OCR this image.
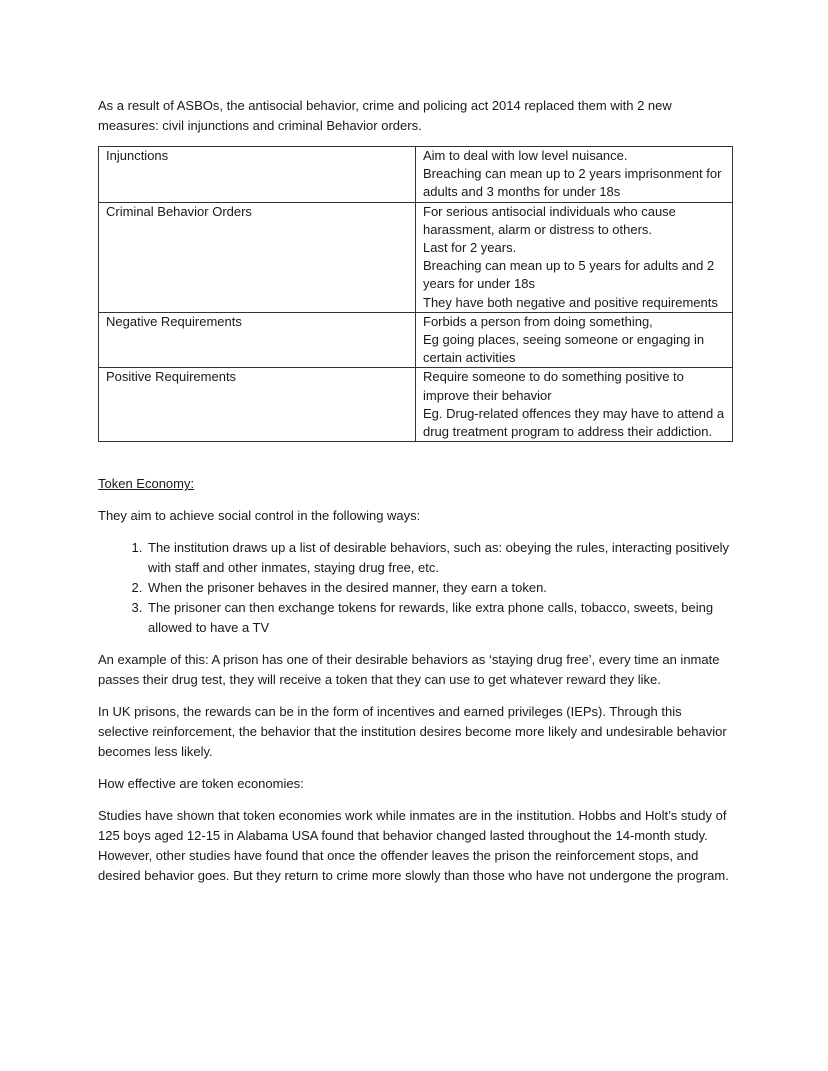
As a result of ASBOs, the antisocial behavior, crime and policing act 2014 replaced them with 2 new measures: civil injunctions and criminal Behavior orders.

Injunctions	Aim to deal with low level nuisance.
Breaching can mean up to 2 years imprisonment for adults and 3 months for under 18s

Criminal Behavior Orders	For serious antisocial individuals who cause harassment, alarm or distress to others.
Last for 2 years.
Breaching can mean up to 5 years for adults and 2 years for under 18s
They have both negative and positive requirements

Negative Requirements	Forbids a person from doing something,
Eg going places, seeing someone or engaging in certain activities

Positive Requirements	Require someone to do something positive to improve their behavior
Eg. Drug-related offences they may have to attend a drug treatment program to address their addiction.

Token Economy:

They aim to achieve social control in the following ways:

1. The institution draws up a list of desirable behaviors, such as: obeying the rules, interacting positively with staff and other inmates, staying drug free, etc.
2. When the prisoner behaves in the desired manner, they earn a token.
3. The prisoner can then exchange tokens for rewards, like extra phone calls, tobacco, sweets, being allowed to have a TV

An example of this: A prison has one of their desirable behaviors as ‘staying drug free’, every time an inmate passes their drug test, they will receive a token that they can use to get whatever reward they like.

In UK prisons, the rewards can be in the form of incentives and earned privileges (IEPs). Through this selective reinforcement, the behavior that the institution desires become more likely and undesirable behavior becomes less likely.

How effective are token economies:

Studies have shown that token economies work while inmates are in the institution. Hobbs and Holt’s study of 125 boys aged 12-15 in Alabama USA found that behavior changed lasted throughout the 14-month study. However, other studies have found that once the offender leaves the prison the reinforcement stops, and desired behavior goes. But they return to crime more slowly than those who have not undergone the program.
